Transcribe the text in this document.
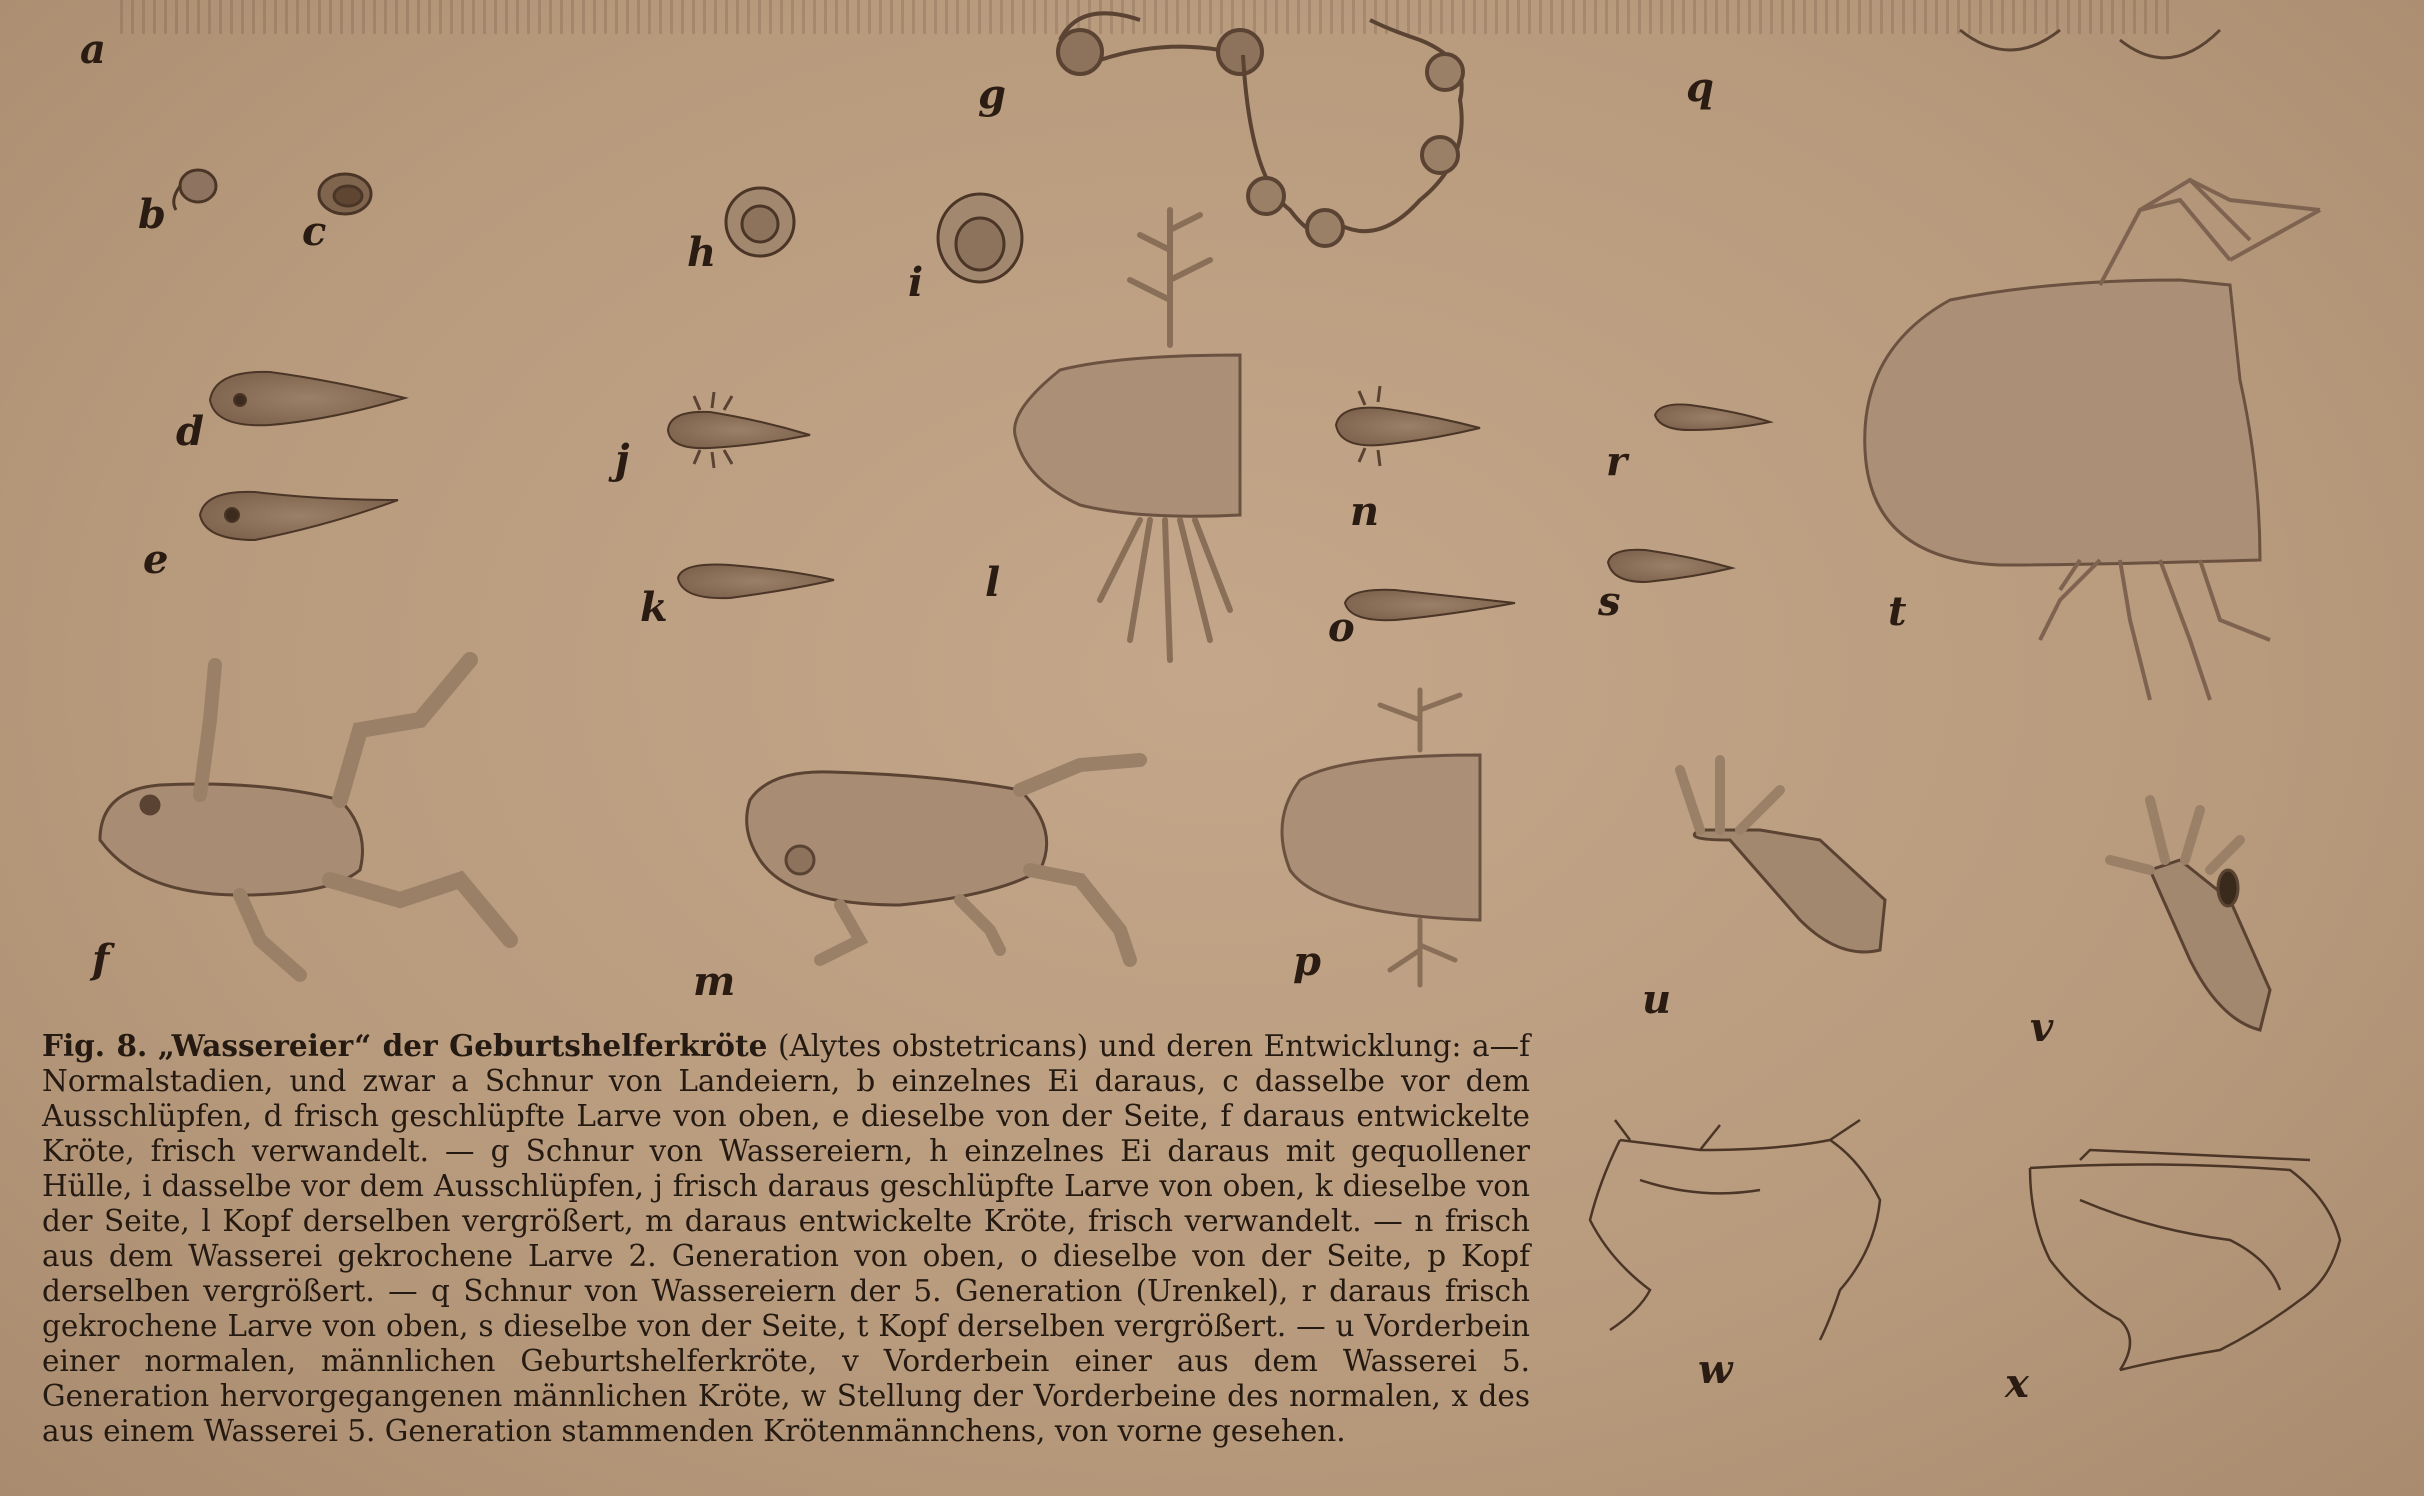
a
b	c
d
e
f
g
h
i
j
k
l
m
n
o
p
q
r
s	t
u
v
w	x
Fig. 8. „Wassereier“ der Geburtshelferkröte (Alytes obstetricans) und deren Entwicklung: a—f Normalstadien, und zwar a Schnur von Landeiern, b einzelnes Ei daraus, c dasselbe vor dem Ausschlüpfen, d frisch geschlüpfte Larve von oben, e dieselbe von der Seite, f daraus entwickelte Kröte, frisch verwandelt. — g Schnur von Wassereiern, h einzelnes Ei daraus mit gequollener Hülle, i dasselbe vor dem Ausschlüpfen, j frisch daraus geschlüpfte Larve von oben, k dieselbe von der Seite, l Kopf derselben vergrößert, m daraus entwickelte Kröte, frisch verwandelt. — n frisch aus dem Wasserei gekrochene Larve 2. Generation von oben, o dieselbe von der Seite, p Kopf derselben vergrößert. — q Schnur von Wassereiern der 5. Generation (Urenkel), r daraus frisch gekrochene Larve von oben, s dieselbe von der Seite, t Kopf derselben vergrößert. — u Vorderbein einer normalen, männlichen Geburtshelferkröte, v Vorderbein einer aus dem Wasserei 5. Generation hervorgegangenen männlichen Kröte, w Stellung der Vorderbeine des normalen, x des aus einem Wasserei 5. Generation stammenden Krötenmännchens, von vorne gesehen.
